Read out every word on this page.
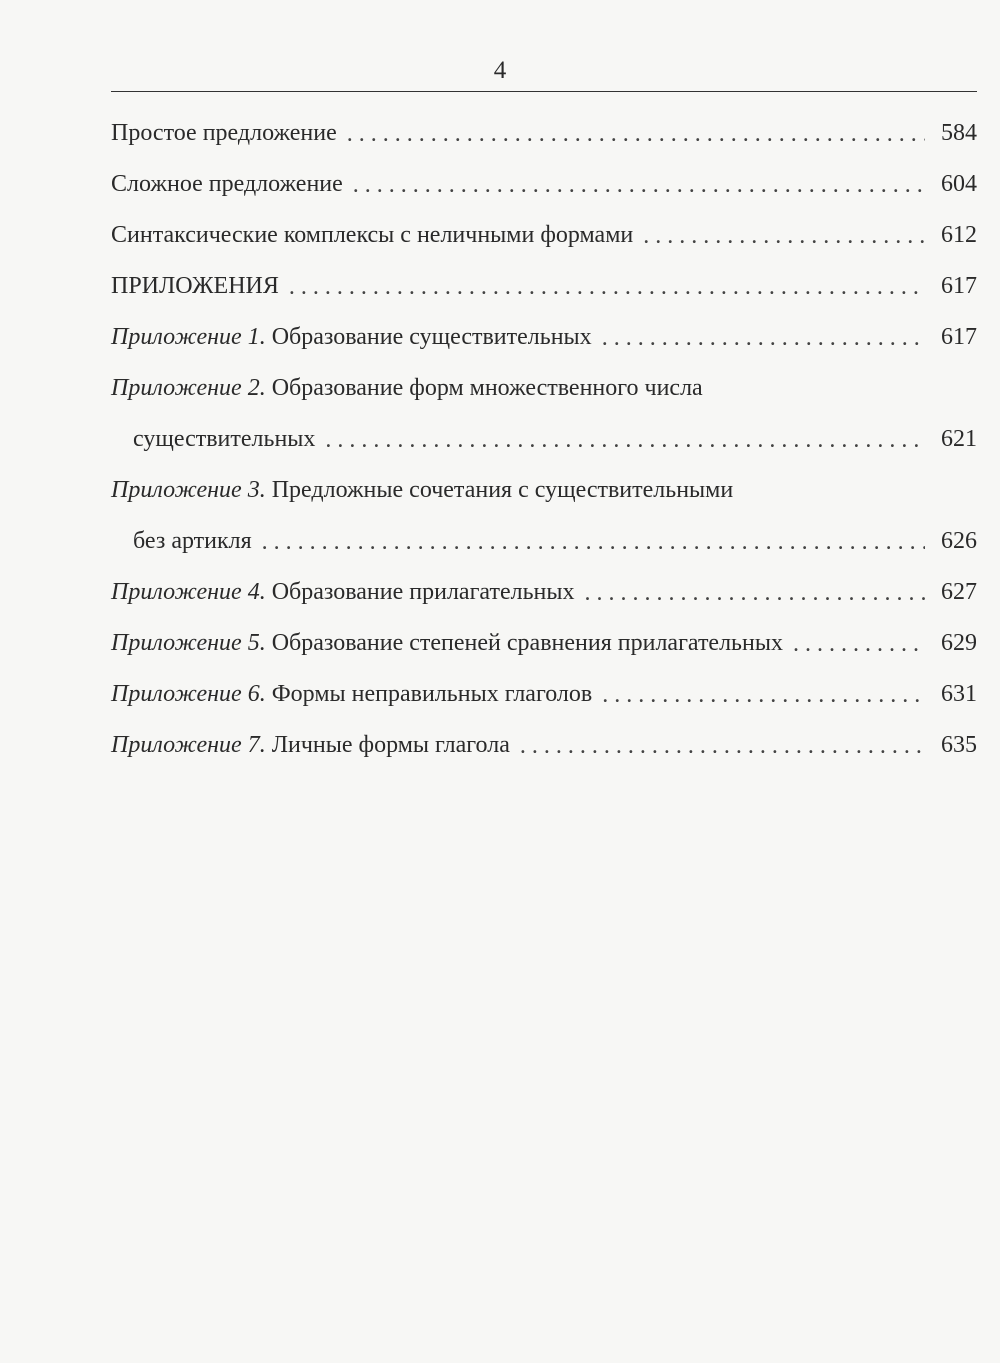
4
Простое предложение . . .	584
Сложное предложение . . .	604
Синтаксические комплексы с неличными формами . . .	612
ПРИЛОЖЕНИЯ . . .	617
Приложение 1. Образование существительных . . .	617
Приложение 2. Образование форм множественного числа
существительных . . .	621
Приложение 3. Предложные сочетания с существительными
без артикля . . .	626
Приложение 4. Образование прилагательных . . .	627
Приложение 5. Образование степеней сравнения прилагательных . . .	629
Приложение 6. Формы неправильных глаголов . . .	631
Приложение 7. Личные формы глагола . . .	635
